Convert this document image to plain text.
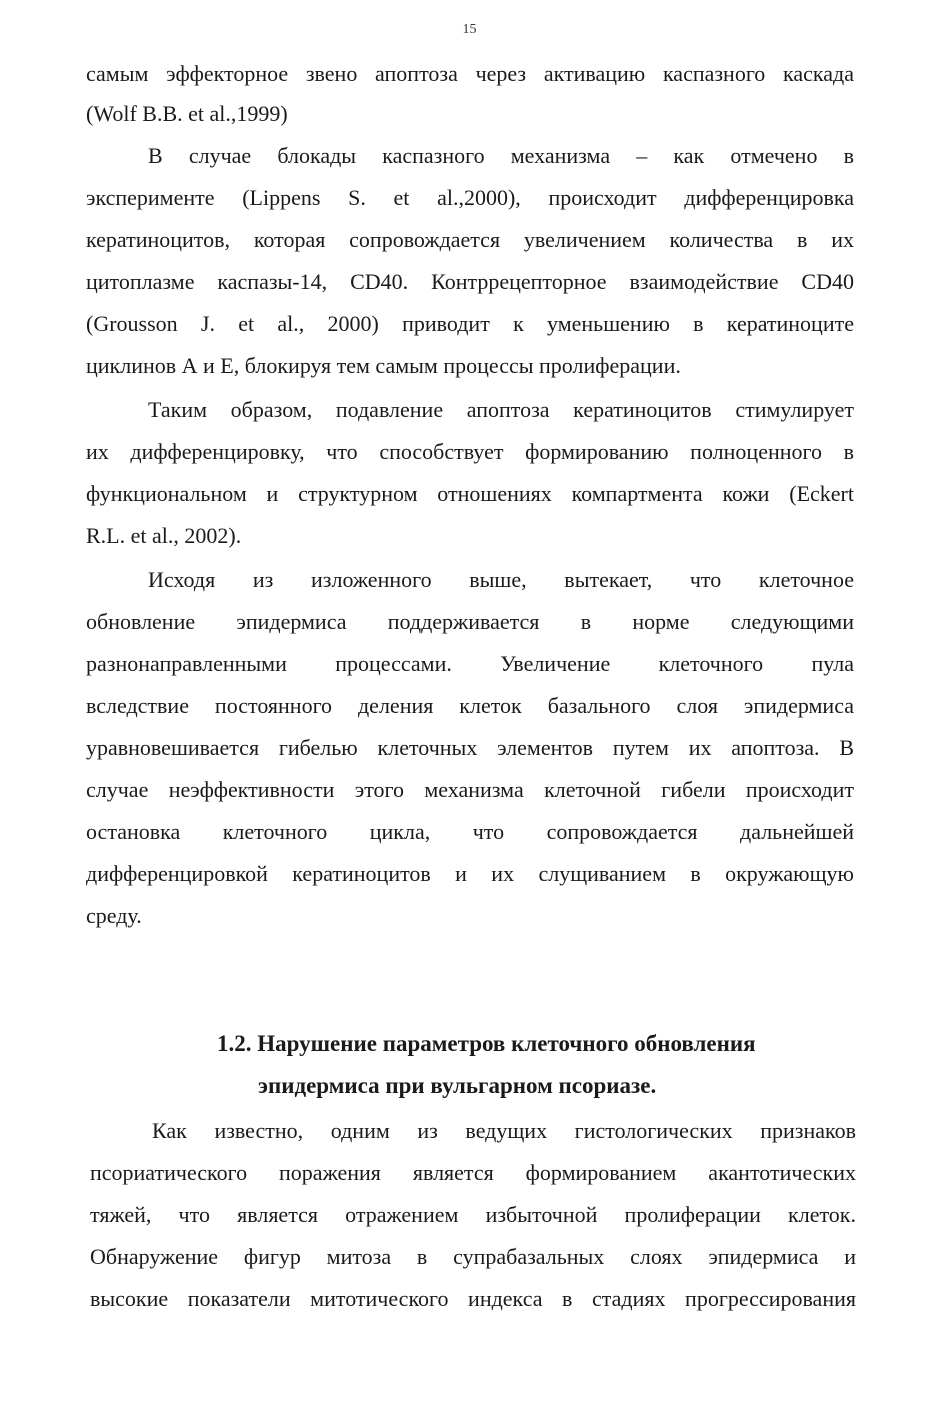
15
самым эффекторное звено апоптоза через активацию каспазного каскада
(Wolf B.B. et al.,1999)
В случае блокады каспазного механизма – как отмечено в
эксперименте (Lippens S. et al.,2000), происходит дифференцировка
кератиноцитов, которая сопровождается увеличением количества в их
цитоплазме каспазы-14, CD40. Контррецепторное взаимодействие CD40
(Grousson J. et al., 2000) приводит к уменьшению в кератиноците
циклинов А и Е, блокируя тем самым процессы пролиферации.
Таким образом, подавление апоптоза кератиноцитов стимулирует
их дифференцировку, что способствует формированию полноценного в
функциональном и структурном отношениях компартмента кожи (Eckert
R.L. et al., 2002).
Исходя из изложенного выше, вытекает, что клеточное
обновление эпидермиса поддерживается в норме следующими
разнонаправленными процессами. Увеличение клеточного пула
вследствие постоянного деления клеток базального слоя эпидермиса
уравновешивается гибелью клеточных элементов путем их апоптоза. В
случае неэффективности этого механизма клеточной гибели происходит
остановка клеточного цикла, что сопровождается дальнейшей
дифференцировкой кератиноцитов и их слущиванием в окружающую
среду.
1.2. Нарушение параметров клеточного обновления
эпидермиса при вульгарном псориазе.
Как известно, одним из ведущих гистологических признаков
псориатического поражения является формированием акантотических
тяжей, что является отражением избыточной пролиферации клеток.
Обнаружение фигур митоза в супрабазальных слоях эпидермиса и
высокие показатели митотического индекса в стадиях прогрессирования
